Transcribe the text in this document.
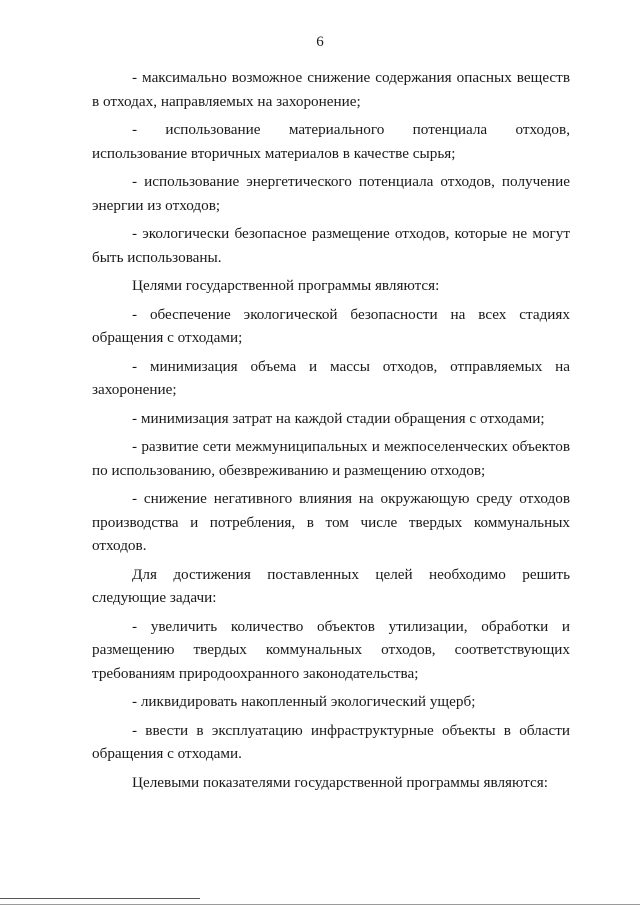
6

- максимально возможное снижение содержания опасных веществ в отходах, направляемых на захоронение;

- использование материального потенциала отходов, использование вторичных материалов в качестве сырья;

- использование энергетического потенциала отходов, получение энергии из отходов;

- экологически безопасное размещение отходов, которые не могут быть использованы.

Целями государственной программы являются:

- обеспечение экологической безопасности на всех стадиях обращения с отходами;

- минимизация объема и массы отходов, отправляемых на захоронение;

- минимизация затрат на каждой стадии обращения с отходами;

- развитие сети межмуниципальных и межпоселенческих объектов по использованию, обезвреживанию и размещению отходов;

- снижение негативного влияния на окружающую среду отходов производства и потребления, в том числе твердых коммунальных отходов.

Для достижения поставленных целей необходимо решить следующие задачи:

- увеличить количество объектов утилизации, обработки и размещению твердых коммунальных отходов, соответствующих требованиям природоохранного законодательства;

- ликвидировать накопленный экологический ущерб;

- ввести в эксплуатацию инфраструктурные объекты в области обращения с отходами.

Целевыми показателями государственной программы являются:
